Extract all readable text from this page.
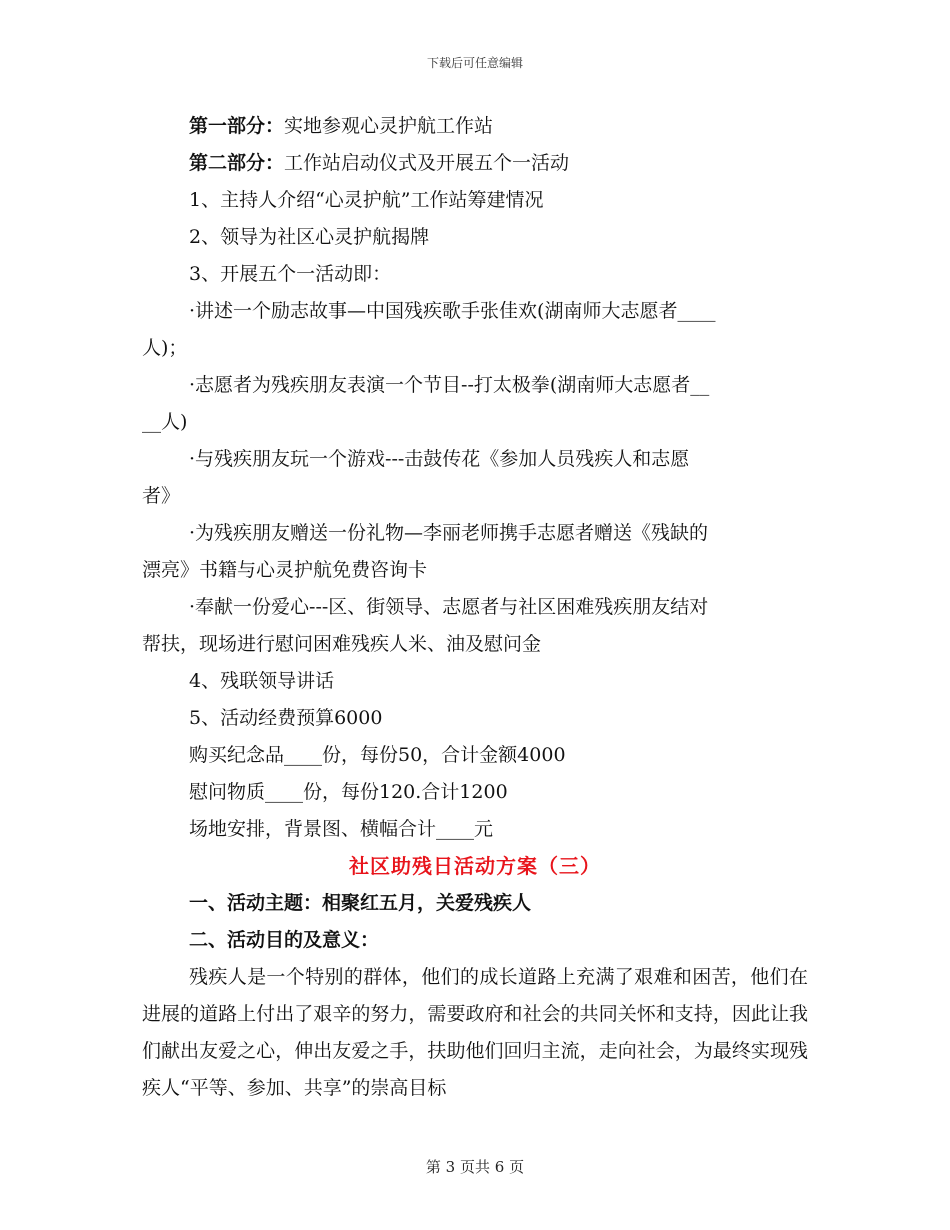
下载后可任意编辑
第一部分：实地参观心灵护航工作站
第二部分：工作站启动仪式及开展五个一活动
1、主持人介绍“心灵护航”工作站筹建情况
2、领导为社区心灵护航揭牌
3、开展五个一活动即：
·讲述一个励志故事—中国残疾歌手张佳欢(湖南师大志愿者____
人)；
·志愿者为残疾朋友表演一个节目--打太极拳(湖南师大志愿者__
__人)
·与残疾朋友玩一个游戏---击鼓传花《参加人员残疾人和志愿
者》
·为残疾朋友赠送一份礼物—李丽老师携手志愿者赠送《残缺的
漂亮》书籍与心灵护航免费咨询卡
·奉献一份爱心---区、街领导、志愿者与社区困难残疾朋友结对
帮扶，现场进行慰问困难残疾人米、油及慰问金
4、残联领导讲话
5、活动经费预算6000
购买纪念品____份，每份50，合计金额4000
慰问物质____份，每份120.合计1200
场地安排，背景图、横幅合计____元
社区助残日活动方案（三）
一、活动主题：相聚红五月，关爱残疾人
二、活动目的及意义：
残疾人是一个特别的群体，他们的成长道路上充满了艰难和困苦，他们在进展的道路上付出了艰辛的努力，需要政府和社会的共同关怀和支持，因此让我们献出友爱之心，伸出友爱之手，扶助他们回归主流，走向社会，为最终实现残疾人“平等、参加、共享”的崇高目标
第 3 页共 6 页
